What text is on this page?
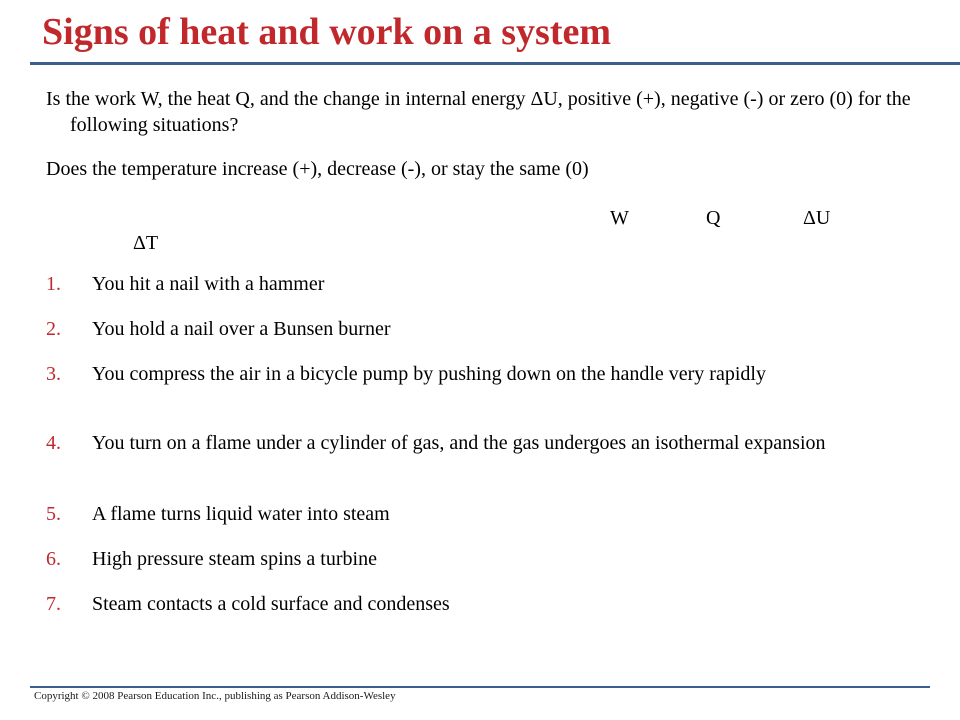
Signs of heat and work on a system

Is the work W, the heat Q, and the change in internal energy ΔU, positive (+), negative (-) or zero (0) for the following situations?

Does the temperature increase (+), decrease (-), or stay the same (0)

W	Q	ΔU
ΔT
1.	You hit a nail with a hammer
2.	You hold a nail over a Bunsen burner
3.	You compress the air in a bicycle pump by pushing down on the handle very rapidly
4.	You turn on a flame under a cylinder of gas, and the gas undergoes an isothermal expansion
5.	A flame turns liquid water into steam
6.	High pressure steam spins a turbine
7.	Steam contacts a cold surface and condenses

Copyright © 2008 Pearson Education Inc., publishing as Pearson Addison-Wesley
